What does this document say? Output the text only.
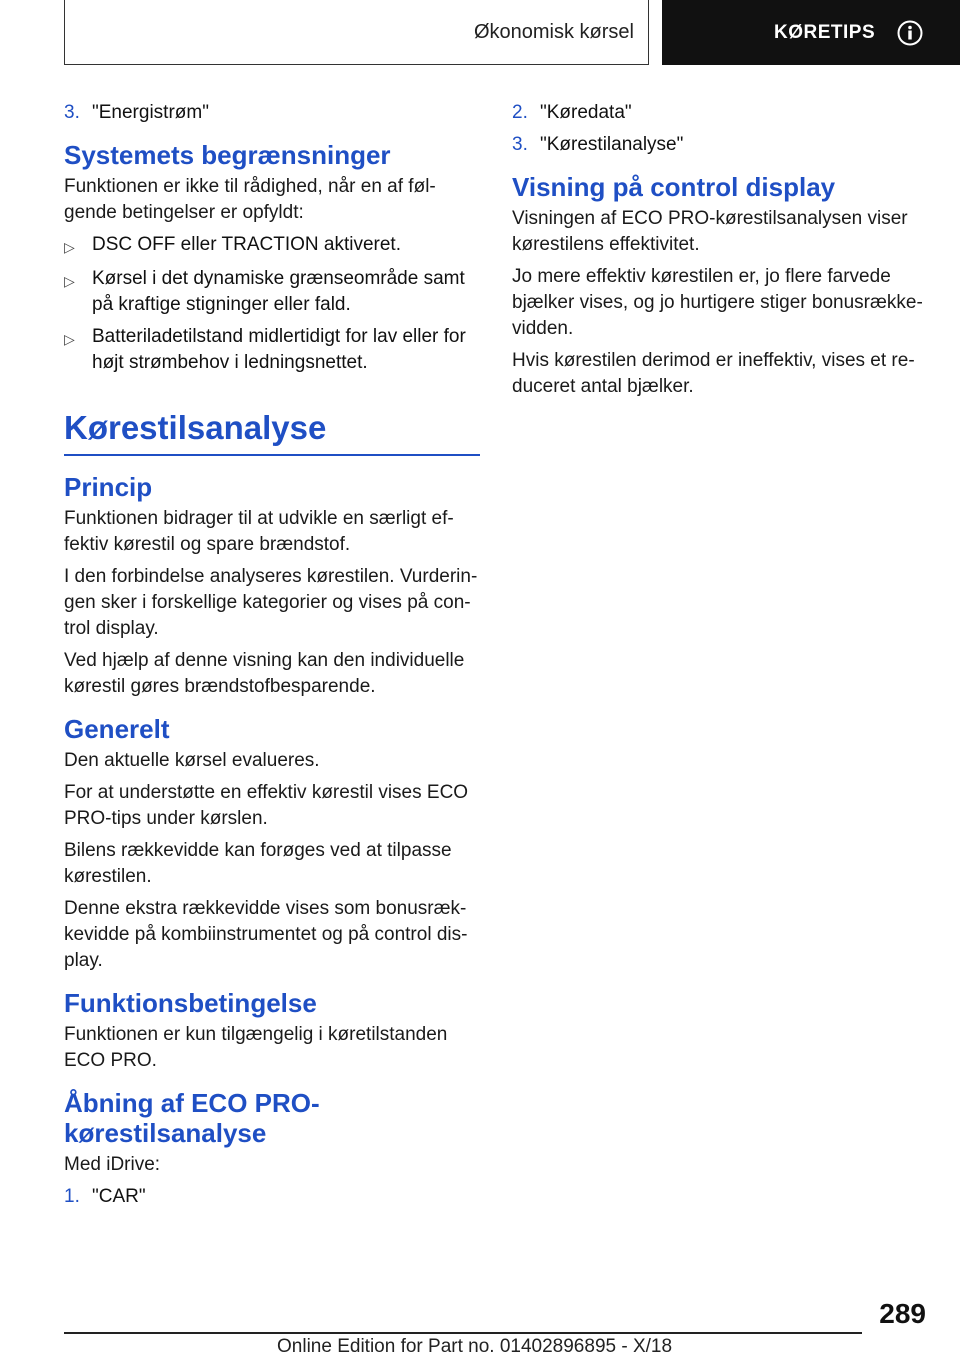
Økonomisk kørsel	KØRETIPS
3. "Energistrøm"
Systemets begrænsninger
Funktionen er ikke til rådighed, når en af føl-gende betingelser er opfyldt:
▷ DSC OFF eller TRACTION aktiveret.
▷ Kørsel i det dynamiske grænseområde samt på kraftige stigninger eller fald.
▷ Batteriladetilstand midlertidigt for lav eller for højt strømbehov i ledningsnettet.
Kørestilsanalyse
Princip
Funktionen bidrager til at udvikle en særligt ef-fektiv kørestil og spare brændstof.
I den forbindelse analyseres kørestilen. Vurderin-gen sker i forskellige kategorier og vises på con-trol display.
Ved hjælp af denne visning kan den individuelle kørestil gøres brændstofbesparende.
Generelt
Den aktuelle kørsel evalueres.
For at understøtte en effektiv kørestil vises ECO PRO-tips under kørslen.
Bilens rækkevidde kan forøges ved at tilpasse kørestilen.
Denne ekstra rækkevidde vises som bonusræk-kevidde på kombiinstrumentet og på control dis-play.
Funktionsbetingelse
Funktionen er kun tilgængelig i køretilstanden ECO PRO.
Åbning af ECO PRO-kørestilsanalyse
Med iDrive:
1. "CAR"
2. "Køredata"
3. "Kørestilanalyse"
Visning på control display
Visningen af ECO PRO-kørestilsanalysen viser kørestilens effektivitet.
Jo mere effektiv kørestilen er, jo flere farvede bjælker vises, og jo hurtigere stiger bonusrække-vidden.
Hvis kørestilen derimod er ineffektiv, vises et re-duceret antal bjælker.
289
Online Edition for Part no. 01402896895 - X/18
